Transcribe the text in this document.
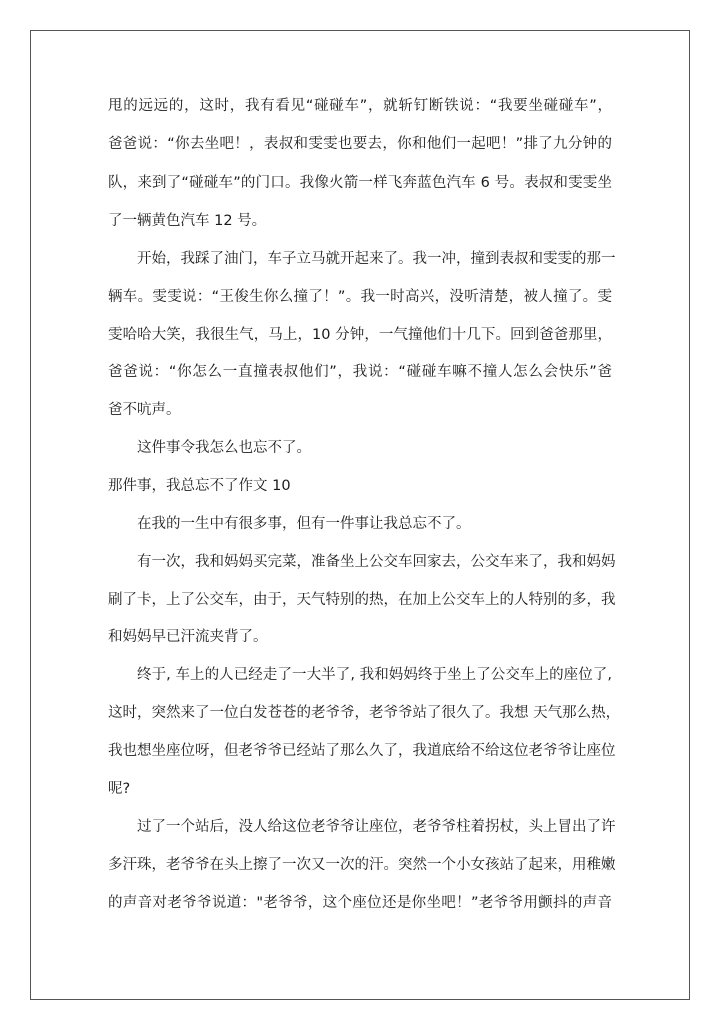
甩的远远的，这时，我有看见“碰碰车”，就斩钉断铁说：“我要坐碰碰车”，
爸爸说：“你去坐吧！，表叔和雯雯也要去，你和他们一起吧！”排了九分钟的
队，来到了“碰碰车”的门口。我像火箭一样飞奔蓝色汽车 6 号。表叔和雯雯坐
了一辆黄色汽车 12 号。
开始，我踩了油门，车子立马就开起来了。我一冲，撞到表叔和雯雯的那一
辆车。雯雯说：“王俊生你么撞了！”。我一时高兴，没听清楚，被人撞了。雯
雯哈哈大笑，我很生气，马上，10 分钟，一气撞他们十几下。回到爸爸那里，
爸爸说：“你怎么一直撞表叔他们”，我说：“碰碰车嘛不撞人怎么会快乐”爸
爸不吭声。
这件事令我怎么也忘不了。
那件事，我总忘不了作文 10
在我的一生中有很多事，但有一件事让我总忘不了。
有一次，我和妈妈买完菜，准备坐上公交车回家去，公交车来了，我和妈妈
刷了卡，上了公交车，由于，天气特别的热，在加上公交车上的人特别的多，我
和妈妈早已汗流夹背了。
终于, 车上的人已经走了一大半了, 我和妈妈终于坐上了公交车上的座位了,
这时，突然来了一位白发苍苍的老爷爷，老爷爷站了很久了。我想 天气那么热，
我也想坐座位呀，但老爷爷已经站了那么久了，我道底给不给这位老爷爷让座位
呢?
过了一个站后，没人给这位老爷爷让座位，老爷爷柱着拐杖，头上冒出了许
多汗珠，老爷爷在头上擦了一次又一次的汗。突然一个小女孩站了起来，用稚嫩
的声音对老爷爷说道："老爷爷，这个座位还是你坐吧！”老爷爷用颤抖的声音
